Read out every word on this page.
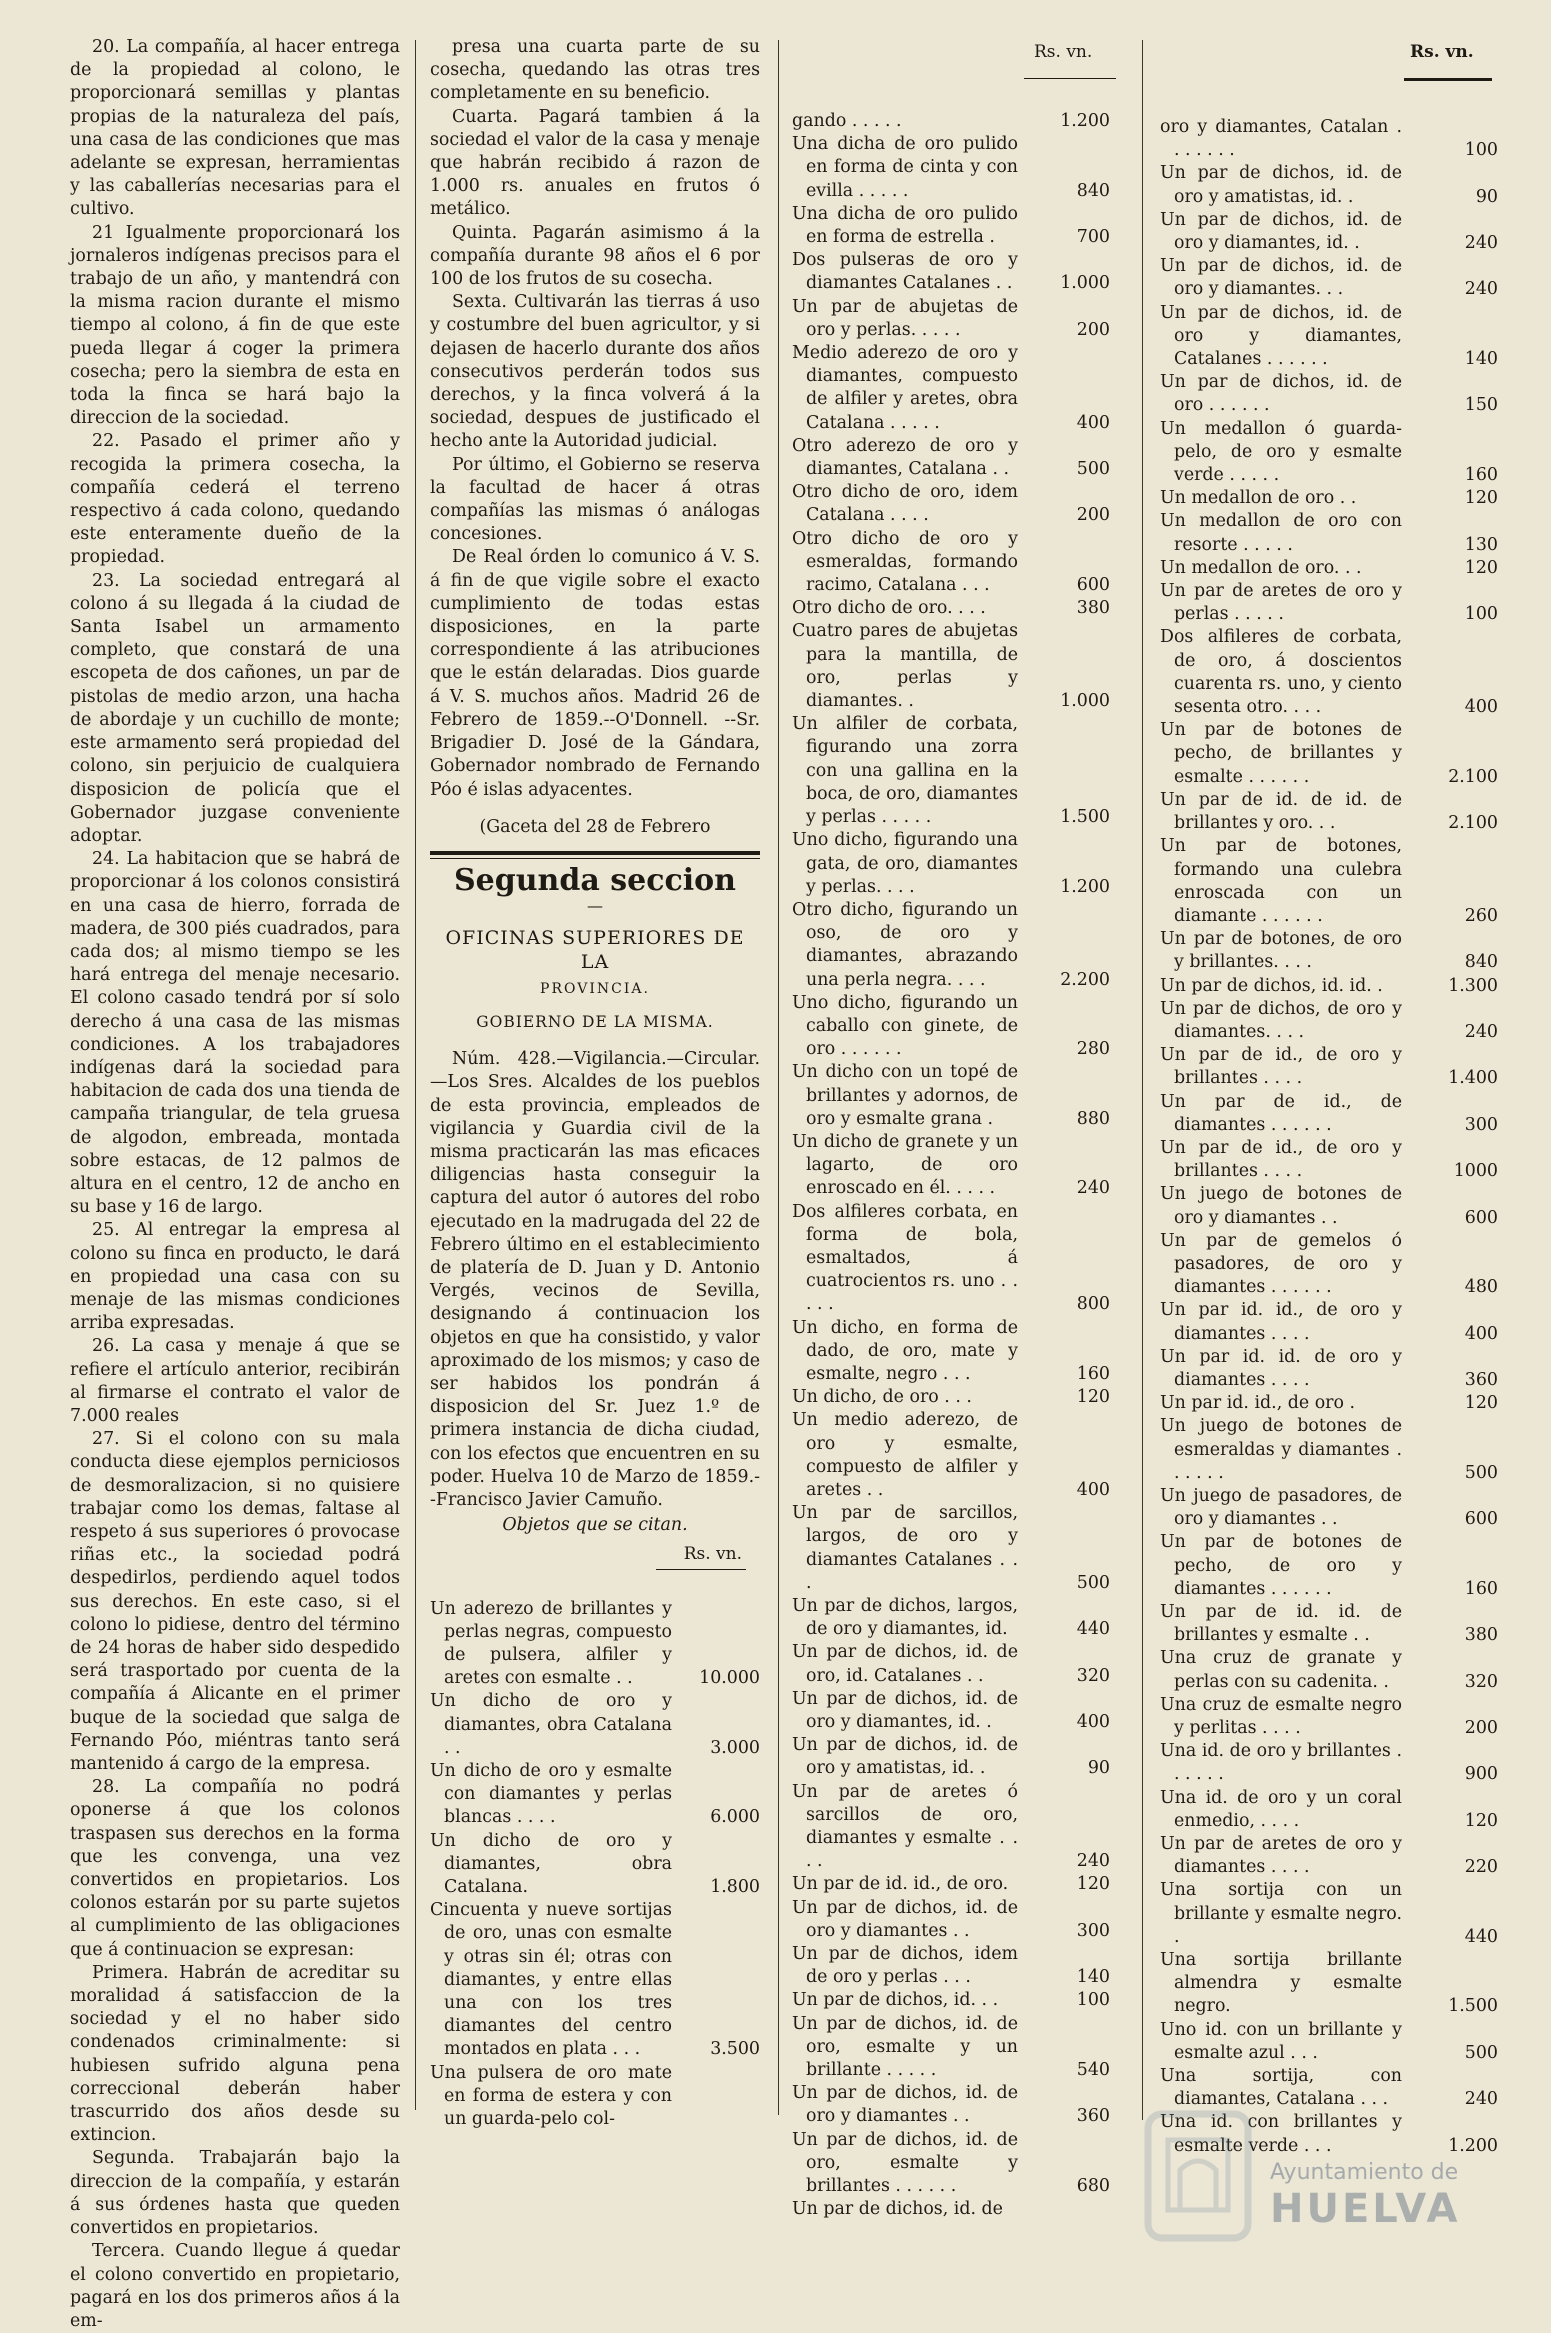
20. La compañía, al hacer entrega de la propiedad al colono, le proporcionará semillas y plantas propias de la naturaleza del país, una casa de las condiciones que mas adelante se expresan, herramientas y las caballerías necesarias para el cultivo.

21 Igualmente proporcionará los jornaleros indígenas precisos para el trabajo de un año, y mantendrá con la misma racion durante el mismo tiempo al colono, á fin de que este pueda llegar á coger la primera cosecha; pero la siembra de esta en toda la finca se hará bajo la direccion de la sociedad.

22. Pasado el primer año y recogida la primera cosecha, la compañía cederá el terreno respectivo á cada colono, quedando este enteramente dueño de la propiedad.

23. La sociedad entregará al colono á su llegada á la ciudad de Santa Isabel un armamento completo, que constará de una escopeta de dos cañones, un par de pistolas de medio arzon, una hacha de abordaje y un cuchillo de monte; este armamento será propiedad del colono, sin perjuicio de cualquiera disposicion de policía que el Gobernador juzgase conveniente adoptar.

24. La habitacion que se habrá de proporcionar á los colonos consistirá en una casa de hierro, forrada de madera, de 300 piés cuadrados, para cada dos; al mismo tiempo se les hará entrega del menaje necesario. El colono casado tendrá por sí solo derecho á una casa de las mismas condiciones. A los trabajadores indígenas dará la sociedad para habitacion de cada dos una tienda de campaña triangular, de tela gruesa de algodon, embreada, montada sobre estacas, de 12 palmos de altura en el centro, 12 de ancho en su base y 16 de largo.

25. Al entregar la empresa al colono su finca en producto, le dará en propiedad una casa con su menaje de las mismas condiciones arriba expresadas.

26. La casa y menaje á que se refiere el artículo anterior, recibirán al firmarse el contrato el valor de 7.000 reales

27. Si el colono con su mala conducta diese ejemplos perniciosos de desmoralizacion, si no quisiere trabajar como los demas, faltase al respeto á sus superiores ó provocase riñas etc., la sociedad podrá despedirlos, perdiendo aquel todos sus derechos. En este caso, si el colono lo pidiese, dentro del término de 24 horas de haber sido despedido será trasportado por cuenta de la compañía á Alicante en el primer buque de la sociedad que salga de Fernando Póo, miéntras tanto será mantenido á cargo de la empresa.

28. La compañía no podrá oponerse á que los colonos traspasen sus derechos en la forma que les convenga, una vez convertidos en propietarios. Los colonos estarán por su parte sujetos al cumplimiento de las obligaciones que á continuacion se expresan:

Primera. Habrán de acreditar su moralidad á satisfaccion de la sociedad y el no haber sido condenados criminalmente: si hubiesen sufrido alguna pena correccional deberán haber trascurrido dos años desde su extincion.

Segunda. Trabajarán bajo la direccion de la compañía, y estarán á sus órdenes hasta que queden convertidos en propietarios.

Tercera. Cuando llegue á quedar el colono convertido en propietario, pagará en los dos primeros años á la em-

presa una cuarta parte de su cosecha, quedando las otras tres completamente en su beneficio.

Cuarta. Pagará tambien á la sociedad el valor de la casa y menaje que habrán recibido á razon de 1.000 rs. anuales en frutos ó metálico.

Quinta. Pagarán asimismo á la compañía durante 98 años el 6 por 100 de los frutos de su cosecha.

Sexta. Cultivarán las tierras á uso y costumbre del buen agricultor, y si dejasen de hacerlo durante dos años consecutivos perderán todos sus derechos, y la finca volverá á la sociedad, despues de justificado el hecho ante la Autoridad judicial.

Por último, el Gobierno se reserva la facultad de hacer á otras compañías las mismas ó análogas concesiones.

De Real órden lo comunico á V. S. á fin de que vigile sobre el exacto cumplimiento de todas estas disposiciones, en la parte correspondiente á las atribuciones que le están delaradas. Dios guarde á V. S. muchos años. Madrid 26 de Febrero de 1859.--O'Donnell. --Sr. Brigadier D. José de la Gándara, Gobernador nombrado de Fernando Póo é islas adyacentes.

(Gaceta del 28 de Febrero

Segunda seccion
—
OFICINAS SUPERIORES DE LA
PROVINCIA.
GOBIERNO DE LA MISMA.

Núm. 428.—Vigilancia.—Circular.—Los Sres. Alcaldes de los pueblos de esta provincia, empleados de vigilancia y Guardia civil de la misma practicarán las mas eficaces diligencias hasta conseguir la captura del autor ó autores del robo ejecutado en la madrugada del 22 de Febrero último en el establecimiento de platería de D. Juan y D. Antonio Vergés, vecinos de Sevilla, designando á continuacion los objetos en que ha consistido, y valor aproximado de los mismos; y caso de ser habidos los pondrán á disposicion del Sr. Juez 1.º de primera instancia de dicha ciudad, con los efectos que encuentren en su poder. Huelva 10 de Marzo de 1859.--Francisco Javier Camuño.

Objetos que se citan.
Rs. vn.
Un aderezo de brillantes y perlas negras, compuesto de pulsera, alfiler y aretes con esmalte . .	10.000
Un dicho de oro y diamantes, obra Catalana . .	3.000
Un dicho de oro y esmalte con diamantes y perlas blancas . . . .	6.000
Un dicho de oro y diamantes, obra Catalana.	1.800
Cincuenta y nueve sortijas de oro, unas con esmalte y otras sin él; otras con diamantes, y entre ellas una con los tres diamantes del centro montados en plata . . .	3.500
Una pulsera de oro mate en forma de estera y con un guarda-pelo col-
Rs. vn.	Rs. vn.
gando . . . . .	1.200
Una dicha de oro pulido en forma de cinta y con evilla . . . . .	840
Una dicha de oro pulido en forma de estrella .	700
Dos pulseras de oro y diamantes Catalanes . .	1.000
Un par de abujetas de oro y perlas. . . . .	200
Medio aderezo de oro y diamantes, compuesto de alfiler y aretes, obra Catalana . . . . .	400
Otro aderezo de oro y diamantes, Catalana . .	500
Otro dicho de oro, idem Catalana . . . .	200
Otro dicho de oro y esmeraldas, formando racimo, Catalana . . .	600
Otro dicho de oro. . . .	380
Cuatro pares de abujetas para la mantilla, de oro, perlas y diamantes. .	1.000
Un alfiler de corbata, figurando una zorra con una gallina en la boca, de oro, diamantes y perlas . . . . .	1.500
Uno dicho, figurando una gata, de oro, diamantes y perlas. . . .	1.200
Otro dicho, figurando un oso, de oro y diamantes, abrazando una perla negra. . . .	2.200
Uno dicho, figurando un caballo con ginete, de oro . . . . . .	280
Un dicho con un topé de brillantes y adornos, de oro y esmalte grana .	880
Un dicho de granete y un lagarto, de oro enroscado en él. . . . .	240
Dos alfileres corbata, en forma de bola, esmaltados, á cuatrocientos rs. uno . . . . .	800
Un dicho, en forma de dado, de oro, mate y esmalte, negro . . .	160
Un dicho, de oro . . .	120
Un medio aderezo, de oro y esmalte, compuesto de alfiler y aretes . .	400
Un par de sarcillos, largos, de oro y diamantes Catalanes . . .	500
Un par de dichos, largos, de oro y diamantes, id.	440
Un par de dichos, id. de oro, id. Catalanes . .	320
Un par de dichos, id. de oro y diamantes, id. .	400
Un par de dichos, id. de oro y amatistas, id. .	90
Un par de aretes ó sarcillos de oro, diamantes y esmalte . . . .	240
Un par de id. id., de oro.	120
Un par de dichos, id. de oro y diamantes . .	300
Un par de dichos, idem de oro y perlas . . .	140
Un par de dichos, id. . .	100
Un par de dichos, id. de oro, esmalte y un brillante . . . . .	540
Un par de dichos, id. de oro y diamantes . .	360
Un par de dichos, id. de oro, esmalte y brillantes . . . . . .	680
Un par de dichos, id. de
oro y diamantes, Catalan . . . . . . .	100
Un par de dichos, id. de oro y amatistas, id. .	90
Un par de dichos, id. de oro y diamantes, id. .	240
Un par de dichos, id. de oro y diamantes. . .	240
Un par de dichos, id. de oro y diamantes, Catalanes . . . . . .	140
Un par de dichos, id. de oro . . . . . .	150
Un medallon ó guarda-pelo, de oro y esmalte verde . . . . .	160
Un medallon de oro . .	120
Un medallon de oro con resorte . . . . .	130
Un medallon de oro. . .	120
Un par de aretes de oro y perlas . . . . .	100
Dos alfileres de corbata, de oro, á doscientos cuarenta rs. uno, y ciento sesenta otro. . . .	400
Un par de botones de pecho, de brillantes y esmalte . . . . . .	2.100
Un par de id. de id. de brillantes y oro. . .	2.100
Un par de botones, formando una culebra enroscada con un diamante . . . . . .	260
Un par de botones, de oro y brillantes. . . .	840
Un par de dichos, id. id. .	1.300
Un par de dichos, de oro y diamantes. . . .	240
Un par de id., de oro y brillantes . . . .	1.400
Un par de id., de diamantes . . . . . .	300
Un par de id., de oro y brillantes . . . .	1000
Un juego de botones de oro y diamantes . .	600
Un par de gemelos ó pasadores, de oro y diamantes . . . . . .	480
Un par id. id., de oro y diamantes . . . .	400
Un par id. id. de oro y diamantes . . . .	360
Un par id. id., de oro .	120
Un juego de botones de esmeraldas y diamantes . . . . . .	500
Un juego de pasadores, de oro y diamantes . .	600
Un par de botones de pecho, de oro y diamantes . . . . . .	160
Un par de id. id. de brillantes y esmalte . .	380
Una cruz de granate y perlas con su cadenita. .	320
Una cruz de esmalte negro y perlitas . . . .	200
Una id. de oro y brillantes . . . . . .	900
Una id. de oro y un coral enmedio, . . . .	120
Un par de aretes de oro y diamantes . . . .	220
Una sortija con un brillante y esmalte negro. .	440
Una sortija brillante almendra y esmalte negro.	1.500
Uno id. con un brillante y esmalte azul . . .	500
Una sortija, con diamantes, Catalana . . .	240
Una id. con brillantes y esmalte verde . . .	1.200
Ayuntamiento de
HUELVA
